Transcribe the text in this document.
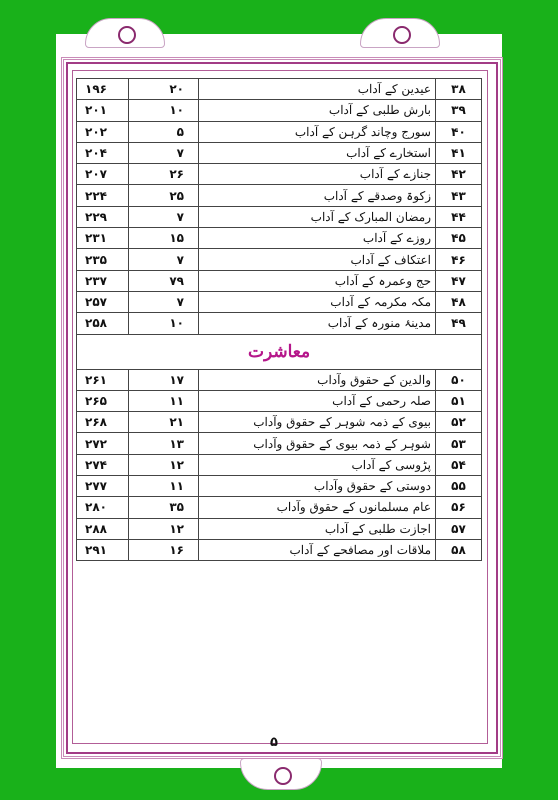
۱۹۶	۲۰	عیدین کے آداب	۳۸
۲۰۱	۱۰	بارش طلبی کے آداب	۳۹
۲۰۲	۵	سورج وچاند گرہن کے آداب	۴۰
۲۰۴	۷	استخارے کے آداب	۴۱
۲۰۷	۲۶	جنازے کے آداب	۴۲
۲۲۴	۲۵	زکوۃ وصدقے کے آداب	۴۳
۲۲۹	۷	رمضان المبارک کے آداب	۴۴
۲۳۱	۱۵	روزے کے آداب	۴۵
۲۳۵	۷	اعتکاف کے آداب	۴۶
۲۳۷	۷۹	حج وعمرہ کے آداب	۴۷
۲۵۷	۷	مکہ مکرمہ کے آداب	۴۸
۲۵۸	۱۰	مدینۂ منورہ کے آداب	۴۹
معاشرت			
۲۶۱	۱۷	والدین کے حقوق وآداب	۵۰
۲۶۵	۱۱	صلہ رحمی کے آداب	۵۱
۲۶۸	۲۱	بیوی کے ذمہ شوہر کے حقوق وآداب	۵۲
۲۷۲	۱۳	شوہر کے ذمہ بیوی کے حقوق وآداب	۵۳
۲۷۴	۱۲	پڑوسی کے آداب	۵۴
۲۷۷	۱۱	دوستی کے حقوق وآداب	۵۵
۲۸۰	۳۵	عام مسلمانوں کے حقوق وآداب	۵۶
۲۸۸	۱۲	اجازت طلبی کے آداب	۵۷
۲۹۱	۱۶	ملاقات اور مصافحے کے آداب	۵۸
۵
